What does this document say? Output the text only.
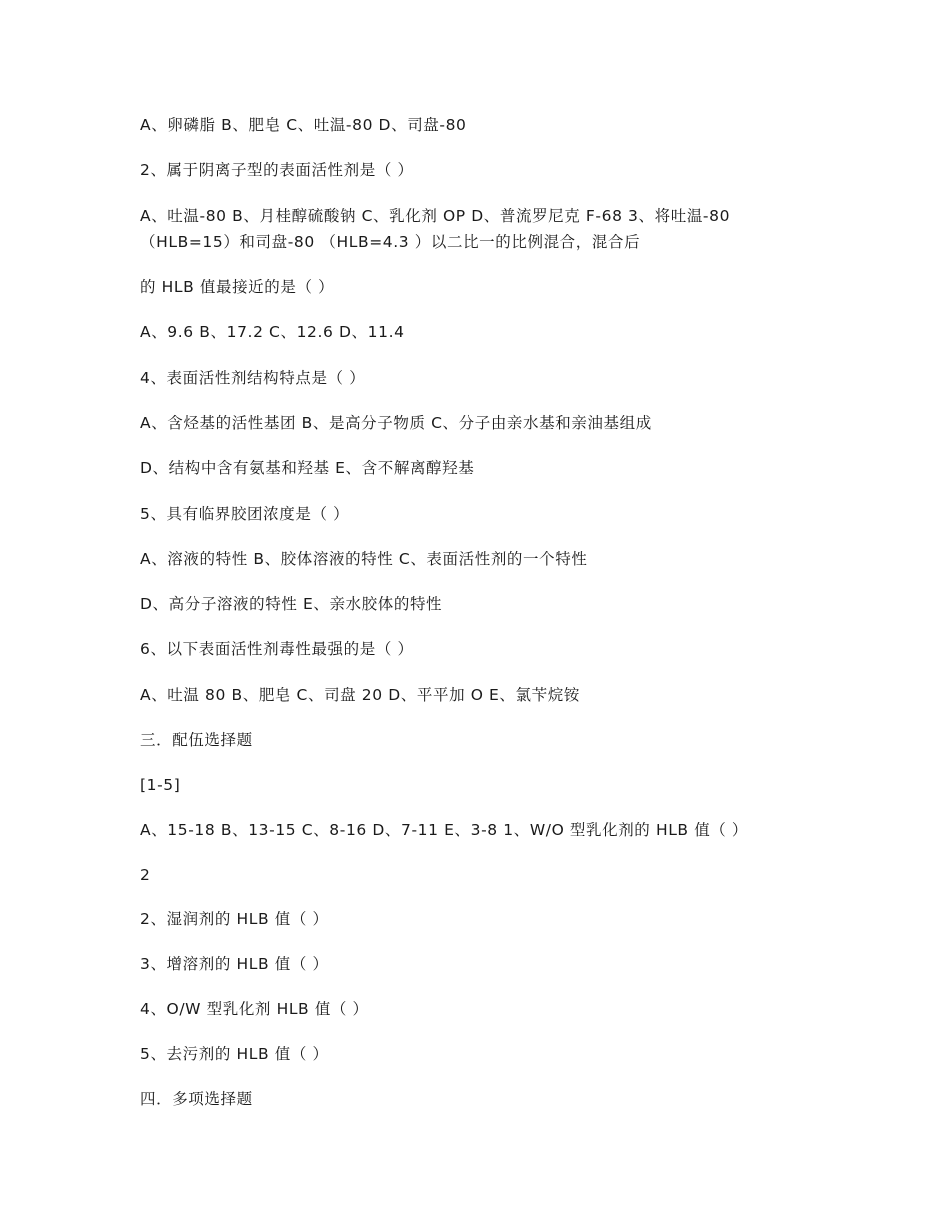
A、卵磷脂 B、肥皂 C、吐温-80 D、司盘-80
2、属于阴离子型的表面活性剂是（ ）
A、吐温-80 B、月桂醇硫酸钠 C、乳化剂 OP D、普流罗尼克 F-68 3、将吐温-80 （HLB=15）和司盘-80 （HLB=4.3 ）以二比一的比例混合，混合后
的 HLB 值最接近的是（ ）
A、9.6 B、17.2 C、12.6 D、11.4
4、表面活性剂结构特点是（ ）
A、含烃基的活性基团 B、是高分子物质 C、分子由亲水基和亲油基组成
D、结构中含有氨基和羟基 E、含不解离醇羟基
5、具有临界胶团浓度是（ ）
A、溶液的特性 B、胶体溶液的特性 C、表面活性剂的一个特性
D、高分子溶液的特性 E、亲水胶体的特性
6、以下表面活性剂毒性最强的是（ ）
A、吐温 80 B、肥皂 C、司盘 20 D、平平加 O E、氯苄烷铵
三．配伍选择题
[1-5]
A、15-18 B、13-15 C、8-16 D、7-11 E、3-8 1、W/O 型乳化剂的 HLB 值（ ）
2
2、湿润剂的 HLB 值（ ）
3、增溶剂的 HLB 值（ ）
4、O/W 型乳化剂 HLB 值（ ）
5、去污剂的 HLB 值（ ）
四．多项选择题
